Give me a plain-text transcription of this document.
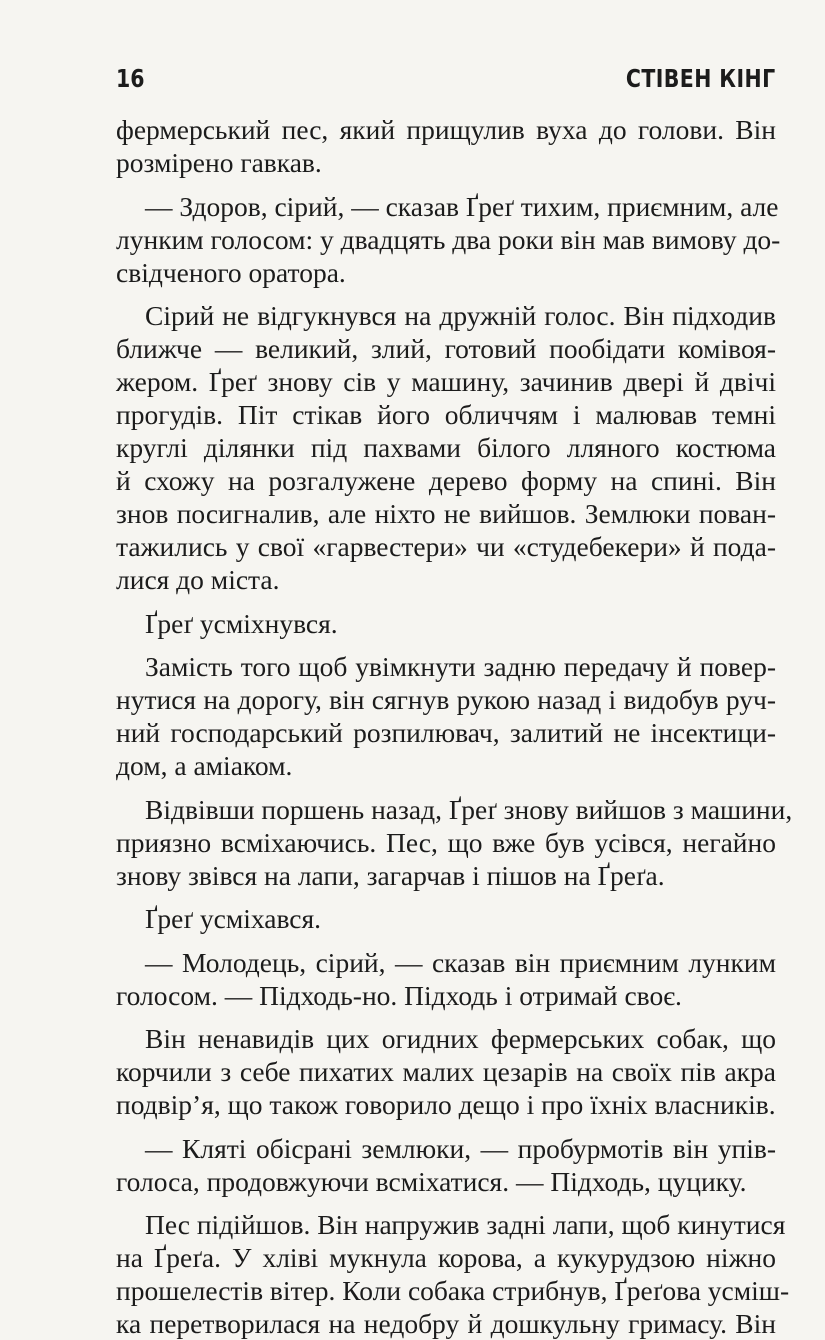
16	СТІВЕН КІНГ
фермерський пес, який прищулив вуха до голови. Він
розмірено гавкав.
— Здоров, сірий, — сказав Ґреґ тихим, приємним, але
лунким голосом: у двадцять два роки він мав вимову до-
свідченого оратора.
Сірий не відгукнувся на дружній голос. Він підходив
ближче — великий, злий, готовий пообідати комівоя-
жером. Ґреґ знову сів у машину, зачинив двері й двічі
прогудів. Піт стікав його обличчям і малював темні
круглі ділянки під пахвами білого лляного костюма
й схожу на розгалужене дерево форму на спині. Він
знов посигналив, але ніхто не вийшов. Землюки пован-
тажились у свої «гарвестери» чи «студебекери» й пода-
лися до міста.
Ґреґ усміхнувся.
Замість того щоб увімкнути задню передачу й повер-
нутися на дорогу, він сягнув рукою назад і видобув руч-
ний господарський розпилювач, залитий не інсектици-
дом, а аміаком.
Відвівши поршень назад, Ґреґ знову вийшов з машини,
приязно всміхаючись. Пес, що вже був усівся, негайно
знову звівся на лапи, загарчав і пішов на Ґреґа.
Ґреґ усміхався.
— Молодець, сірий, — сказав він приємним лунким
голосом. — Підходь-но. Підходь і отримай своє.
Він ненавидів цих огидних фермерських собак, що
корчили з себе пихатих малих цезарів на своїх пів акра
подвір’я, що також говорило дещо і про їхніх власників.
— Кляті обісрані землюки, — пробурмотів він упів-
голоса, продовжуючи всміхатися. — Підходь, цуцику.
Пес підійшов. Він напружив задні лапи, щоб кинутися
на Ґреґа. У хліві мукнула корова, а кукурудзою ніжно
прошелестів вітер. Коли собака стрибнув, Ґреґова усміш-
ка перетворилася на недобру й дошкульну гримасу. Він
